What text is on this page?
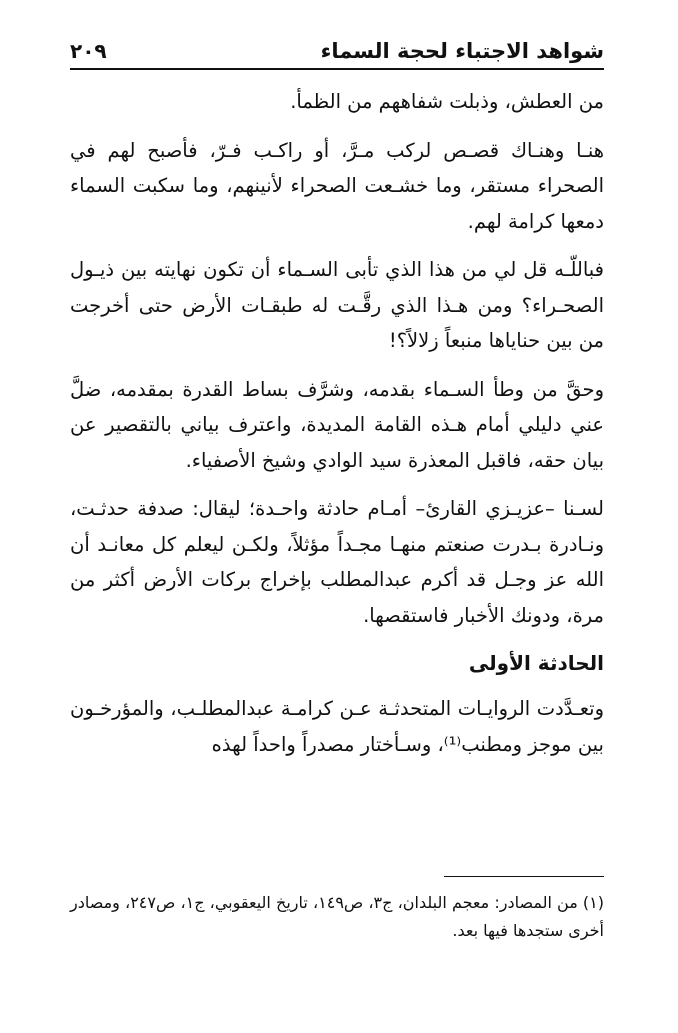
شواهد الاجتباء لحجة السماء
٢٠٩

من العطش، وذبلت شفاههم من الظمأ.

هنـا وهنـاك قصـص لركب مـرَّ، أو راكـب فـرّ، فأصبح لهم في الصحراء مستقر، وما خشـعت الصحراء لأنينهم، وما سكبت السماء دمعها كرامة لهم.

فباللّـه قل لي من هذا الذي تأبى السـماء أن تكون نهايته بين ذيـول الصحـراء؟ ومن هـذا الذي رقَّـت له طبقـات الأرض حتى أخرجت من بين حناياها منبعاً زلالاً؟!

وحقَّ من وطأ السـماء بقدمه، وشرَّف بساط القدرة بمقدمه، ضلَّ عني دليلي أمام هـذه القامة المديدة، واعترف بياني بالتقصير عن بيان حقه، فاقبل المعذرة سيد الوادي وشيخ الأصفياء.

لسـنا –عزيـزي القارئ– أمـام حادثة واحـدة؛ ليقال: صدفة حدثـت، ونـادرة بـدرت صنعتم منهـا مجـداً مؤثلاً، ولكـن ليعلم كل معانـد أن الله عز وجـل قد أكرم عبدالمطلب بإخراج بركات الأرض أكثر من مرة، ودونك الأخبار فاستقصها.

الحادثة الأولى

وتعـدَّدت الروايـات المتحدثـة عـن كرامـة عبدالمطلـب، والمؤرخـون بين موجز ومطنب⁽¹⁾، وسـأختار مصدراً واحداً لهذه

(١) من المصادر: معجم البلدان، ج٣، ص١٤٩، تاريخ اليعقوبي، ج١، ص٢٤٧، ومصادر أخرى ستجدها فيها بعد.
